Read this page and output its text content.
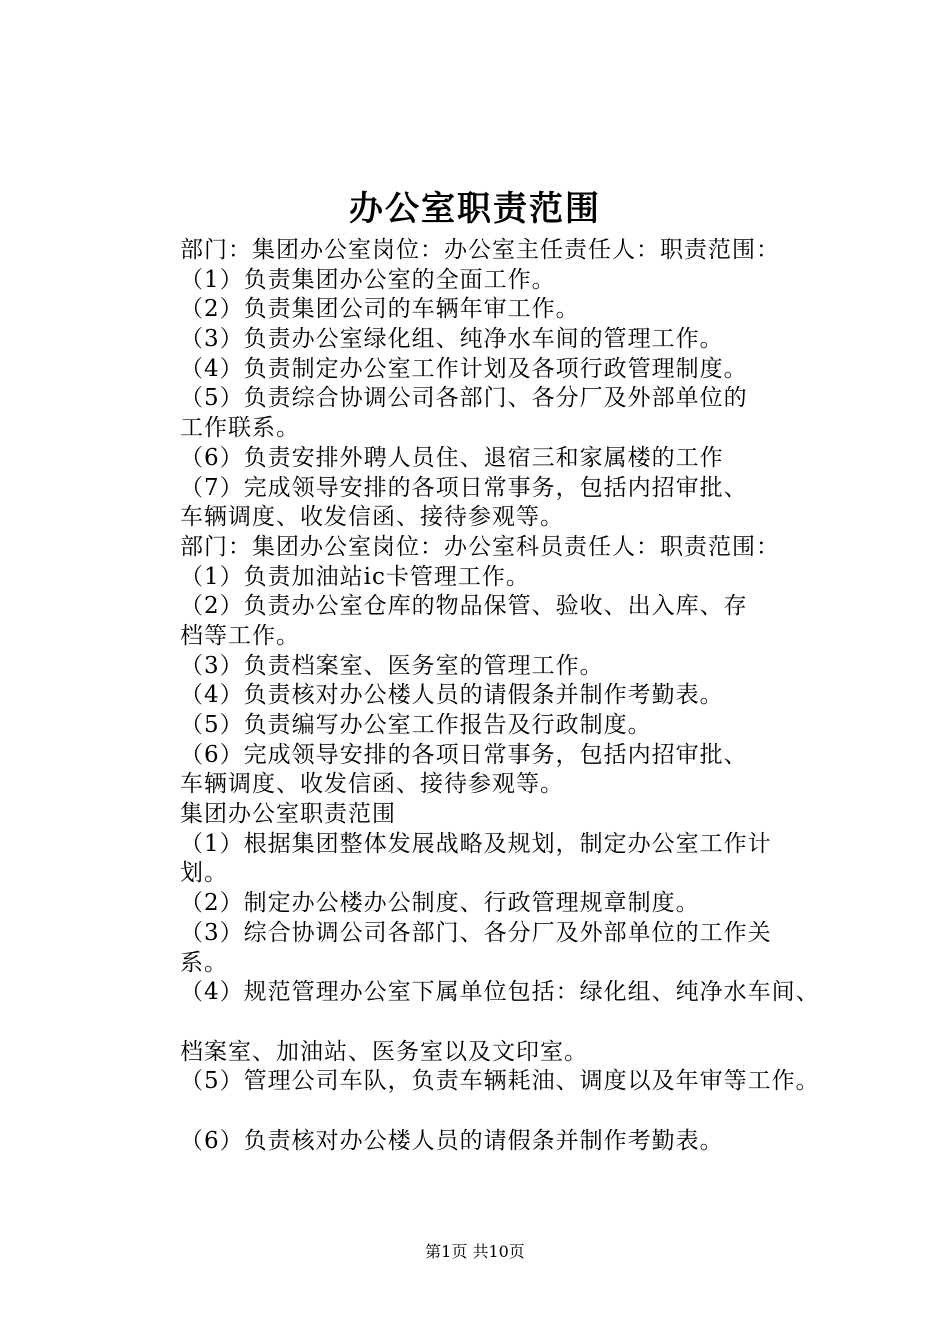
办公室职责范围
部门：集团办公室岗位：办公室主任责任人：职责范围：
（1）负责集团办公室的全面工作。
（2）负责集团公司的车辆年审工作。
（3）负责办公室绿化组、纯净水车间的管理工作。
（4）负责制定办公室工作计划及各项行政管理制度。
（5）负责综合协调公司各部门、各分厂及外部单位的
工作联系。
（6）负责安排外聘人员住、退宿三和家属楼的工作
（7）完成领导安排的各项日常事务，包括内招审批、
车辆调度、收发信函、接待参观等。
部门：集团办公室岗位：办公室科员责任人：职责范围：
（1）负责加油站ic卡管理工作。
（2）负责办公室仓库的物品保管、验收、出入库、存
档等工作。
（3）负责档案室、医务室的管理工作。
（4）负责核对办公楼人员的请假条并制作考勤表。
（5）负责编写办公室工作报告及行政制度。
（6）完成领导安排的各项日常事务，包括内招审批、
车辆调度、收发信函、接待参观等。
集团办公室职责范围
（1）根据集团整体发展战略及规划，制定办公室工作计
划。
（2）制定办公楼办公制度、行政管理规章制度。
（3）综合协调公司各部门、各分厂及外部单位的工作关
系。
（4）规范管理办公室下属单位包括：绿化组、纯净水车间、
档案室、加油站、医务室以及文印室。
（5）管理公司车队，负责车辆耗油、调度以及年审等工作。
（6）负责核对办公楼人员的请假条并制作考勤表。
第1页 共10页
